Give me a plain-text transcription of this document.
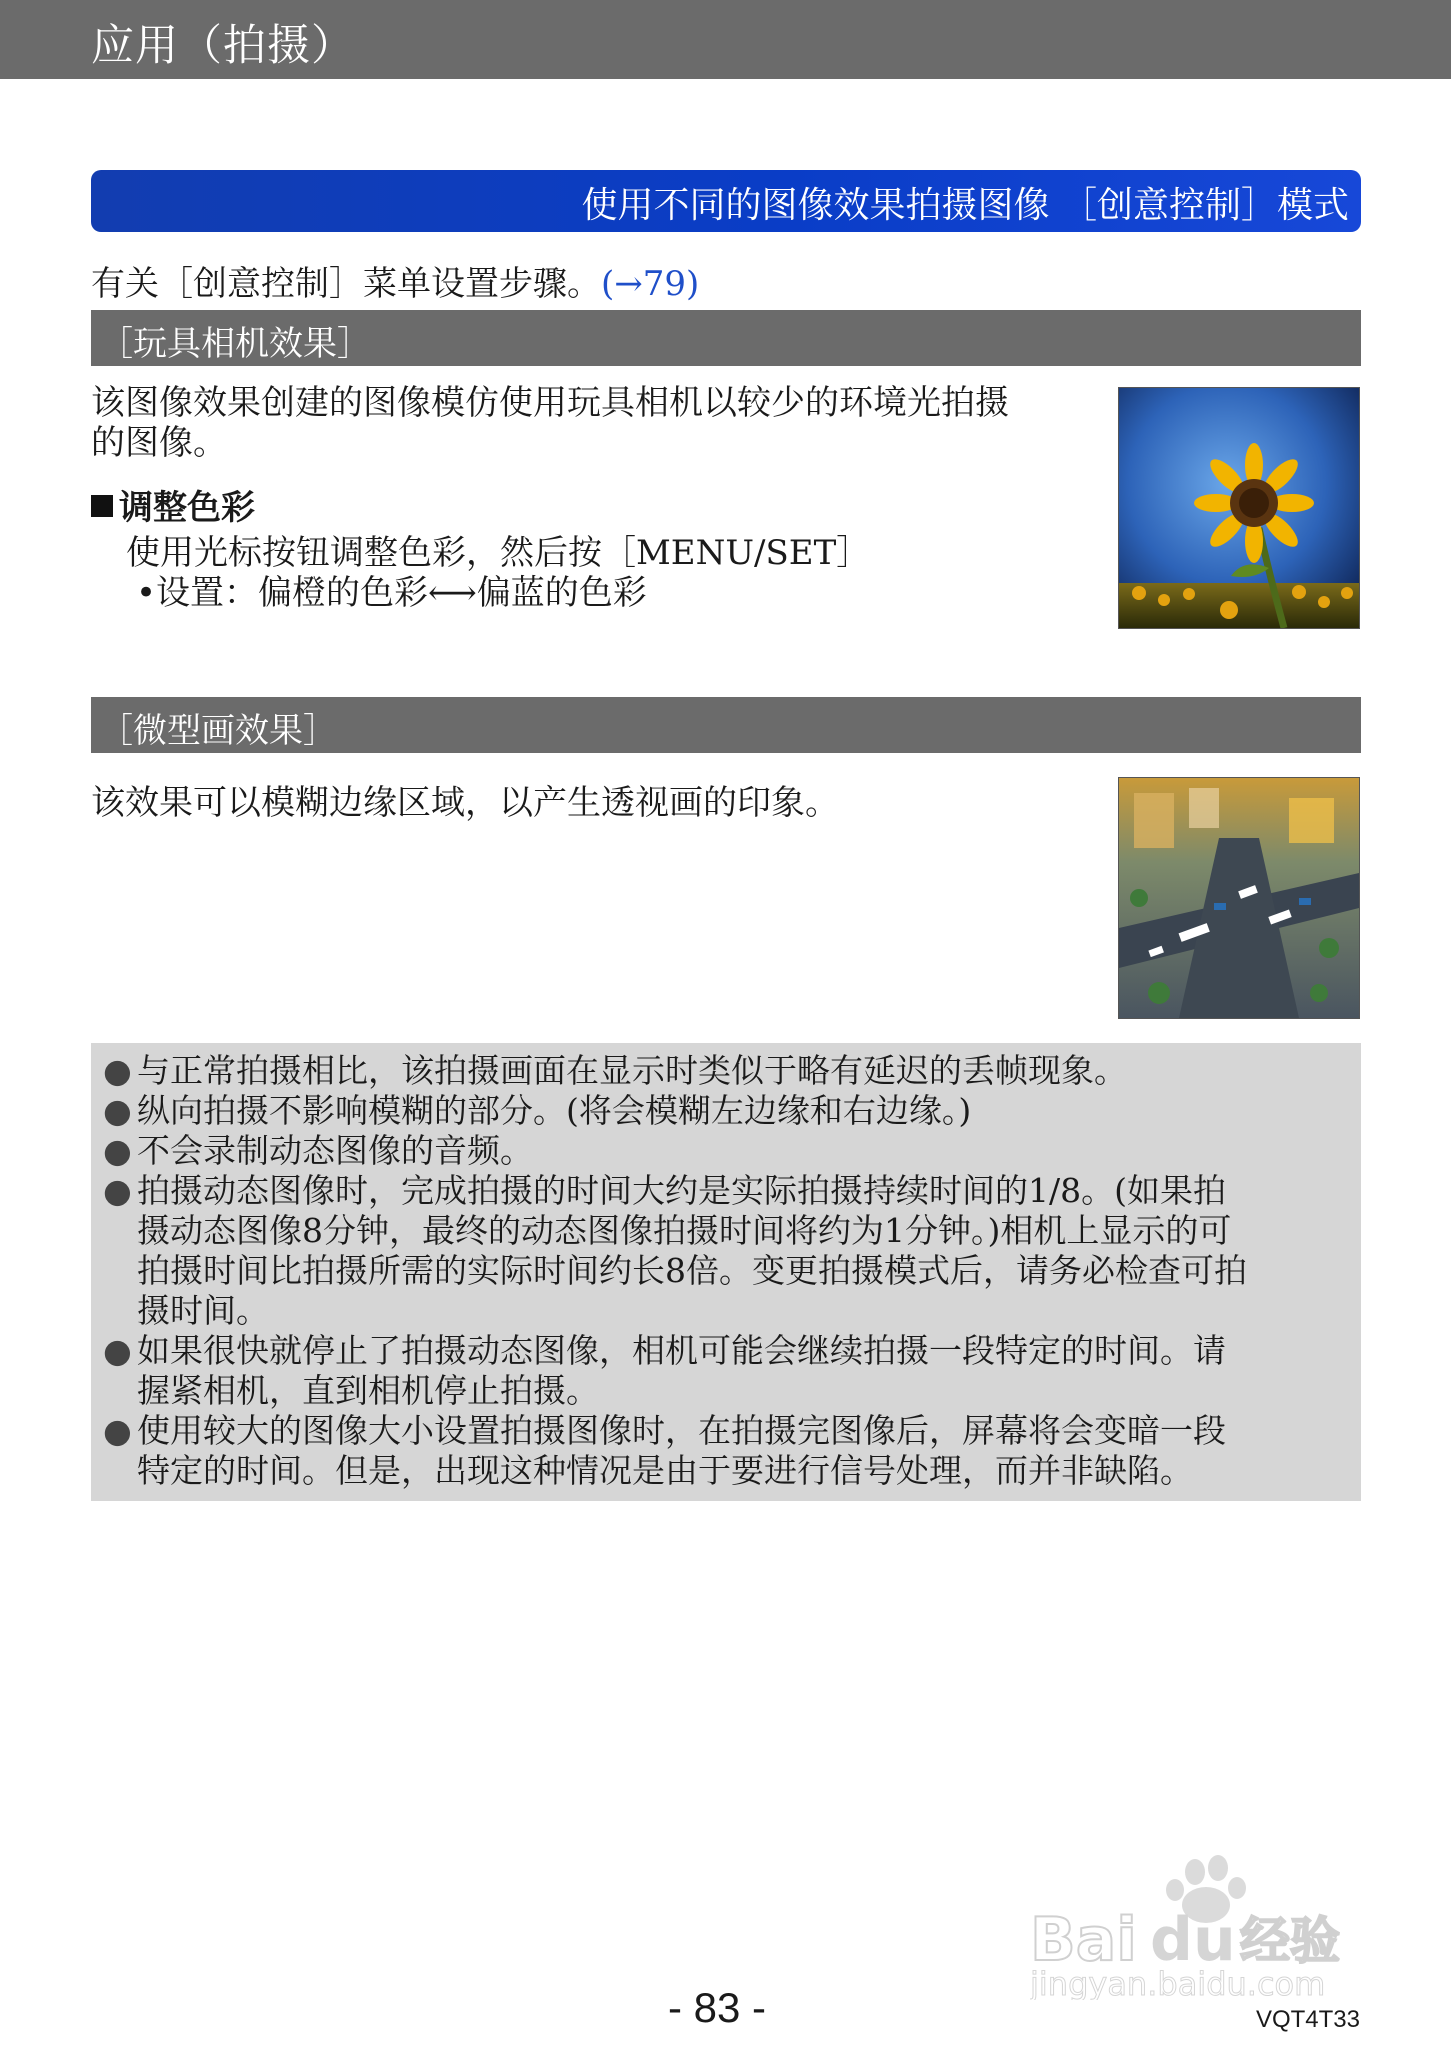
应用（拍摄）
使用不同的图像效果拍摄图像 ［创意控制］模式
有关［创意控制］菜单设置步骤。(→79)
［玩具相机效果］
该图像效果创建的图像模仿使用玩具相机以较少的环境光拍摄
的图像。
调整色彩
使用光标按钮调整色彩，然后按［MENU/SET］
•设置：偏橙的色彩⟷偏蓝的色彩
［微型画效果］
该效果可以模糊边缘区域，以产生透视画的印象。
● 与正常拍摄相比，该拍摄画面在显示时类似于略有延迟的丢帧现象。
● 纵向拍摄不影响模糊的部分。(将会模糊左边缘和右边缘。)
● 不会录制动态图像的音频。
● 拍摄动态图像时，完成拍摄的时间大约是实际拍摄持续时间的1/8。(如果拍
摄动态图像8分钟，最终的动态图像拍摄时间将约为1分钟。)相机上显示的可
拍摄时间比拍摄所需的实际时间约长8倍。变更拍摄模式后，请务必检查可拍
摄时间。
● 如果很快就停止了拍摄动态图像，相机可能会继续拍摄一段特定的时间。请
握紧相机，直到相机停止拍摄。
● 使用较大的图像大小设置拍摄图像时，在拍摄完图像后，屏幕将会变暗一段
特定的时间。但是，出现这种情况是由于要进行信号处理，而并非缺陷。
Bai du 经验
jingyan.baidu.com
- 83 -	VQT4T33
